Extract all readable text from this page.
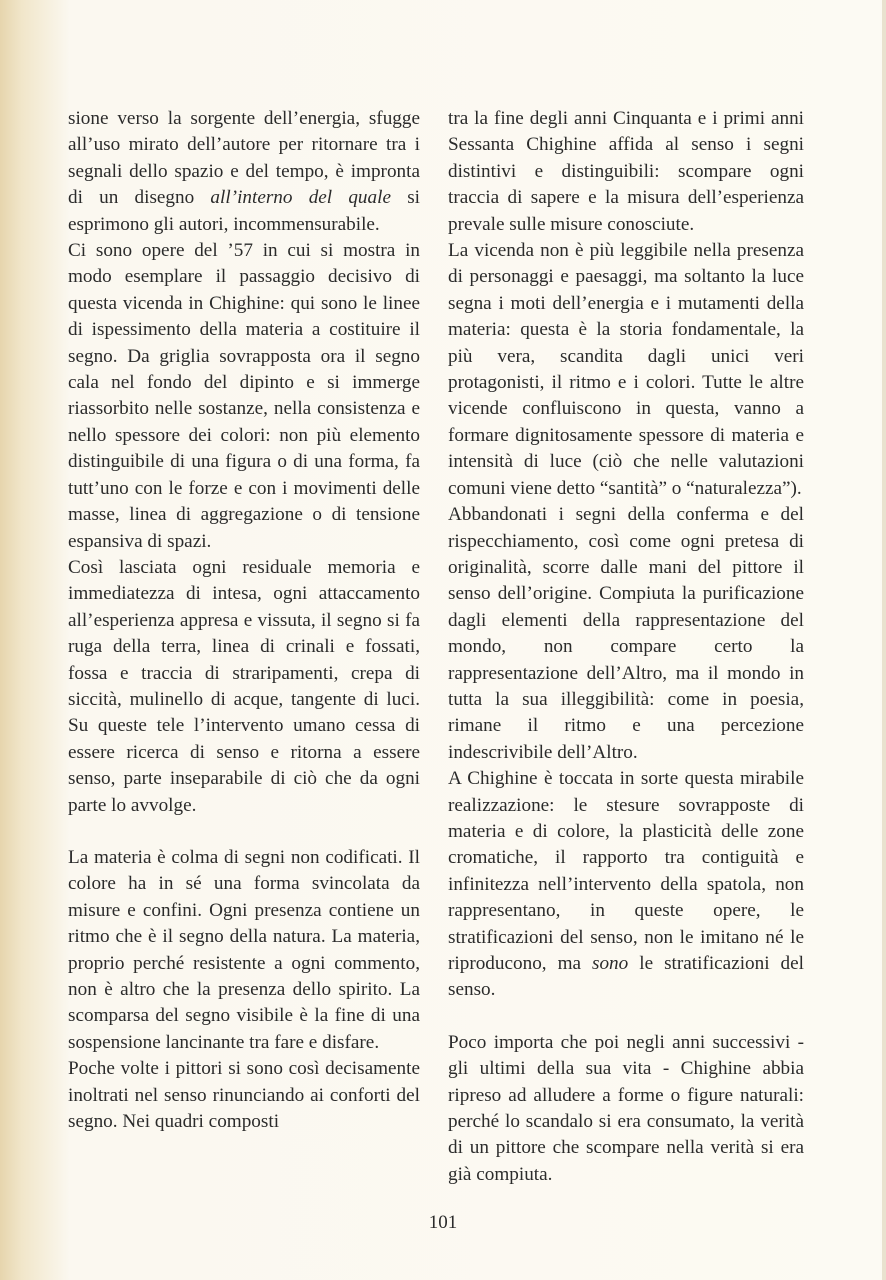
sione verso la sorgente dell’energia, sfugge all’uso mirato dell’autore per ritornare tra i segnali dello spazio e del tempo, è impronta di un disegno all’interno del quale si esprimono gli autori, incommensurabile.

Ci sono opere del ’57 in cui si mostra in modo esemplare il passaggio decisivo di questa vicenda in Chighine: qui sono le linee di ispessimento della materia a costituire il segno. Da griglia sovrapposta ora il segno cala nel fondo del dipinto e si immerge riassorbito nelle sostanze, nella consistenza e nello spessore dei colori: non più elemento distinguibile di una figura o di una forma, fa tutt’uno con le forze e con i movimenti delle masse, linea di aggregazione o di tensione espansiva di spazi.

Così lasciata ogni residuale memoria e immediatezza di intesa, ogni attaccamento all’esperienza appresa e vissuta, il segno si fa ruga della terra, linea di crinali e fossati, fossa e traccia di straripamenti, crepa di siccità, mulinello di acque, tangente di luci. Su queste tele l’intervento umano cessa di essere ricerca di senso e ritorna a essere senso, parte inseparabile di ciò che da ogni parte lo avvolge.

La materia è colma di segni non codificati. Il colore ha in sé una forma svincolata da misure e confini. Ogni presenza contiene un ritmo che è il segno della natura. La materia, proprio perché resistente a ogni commento, non è altro che la presenza dello spirito. La scomparsa del segno visibile è la fine di una sospensione lancinante tra fare e disfare.

Poche volte i pittori si sono così decisamente inoltrati nel senso rinunciando ai conforti del segno. Nei quadri composti

tra la fine degli anni Cinquanta e i primi anni Sessanta Chighine affida al senso i segni distintivi e distinguibili: scompare ogni traccia di sapere e la misura dell’esperienza prevale sulle misure conosciute.

La vicenda non è più leggibile nella presenza di personaggi e paesaggi, ma soltanto la luce segna i moti dell’energia e i mutamenti della materia: questa è la storia fondamentale, la più vera, scandita dagli unici veri protagonisti, il ritmo e i colori. Tutte le altre vicende confluiscono in questa, vanno a formare dignitosamente spessore di materia e intensità di luce (ciò che nelle valutazioni comuni viene detto “santità” o “naturalezza”).

Abbandonati i segni della conferma e del rispecchiamento, così come ogni pretesa di originalità, scorre dalle mani del pittore il senso dell’origine. Compiuta la purificazione dagli elementi della rappresentazione del mondo, non compare certo la rappresentazione dell’Altro, ma il mondo in tutta la sua illeggibilità: come in poesia, rimane il ritmo e una percezione indescrivibile dell’Altro.

A Chighine è toccata in sorte questa mirabile realizzazione: le stesure sovrapposte di materia e di colore, la plasticità delle zone cromatiche, il rapporto tra contiguità e infinitezza nell’intervento della spatola, non rappresentano, in queste opere, le stratificazioni del senso, non le imitano né le riproducono, ma sono le stratificazioni del senso.

Poco importa che poi negli anni successivi - gli ultimi della sua vita - Chighine abbia ripreso ad alludere a forme o figure naturali: perché lo scandalo si era consumato, la verità di un pittore che scompare nella verità si era già compiuta.

101
